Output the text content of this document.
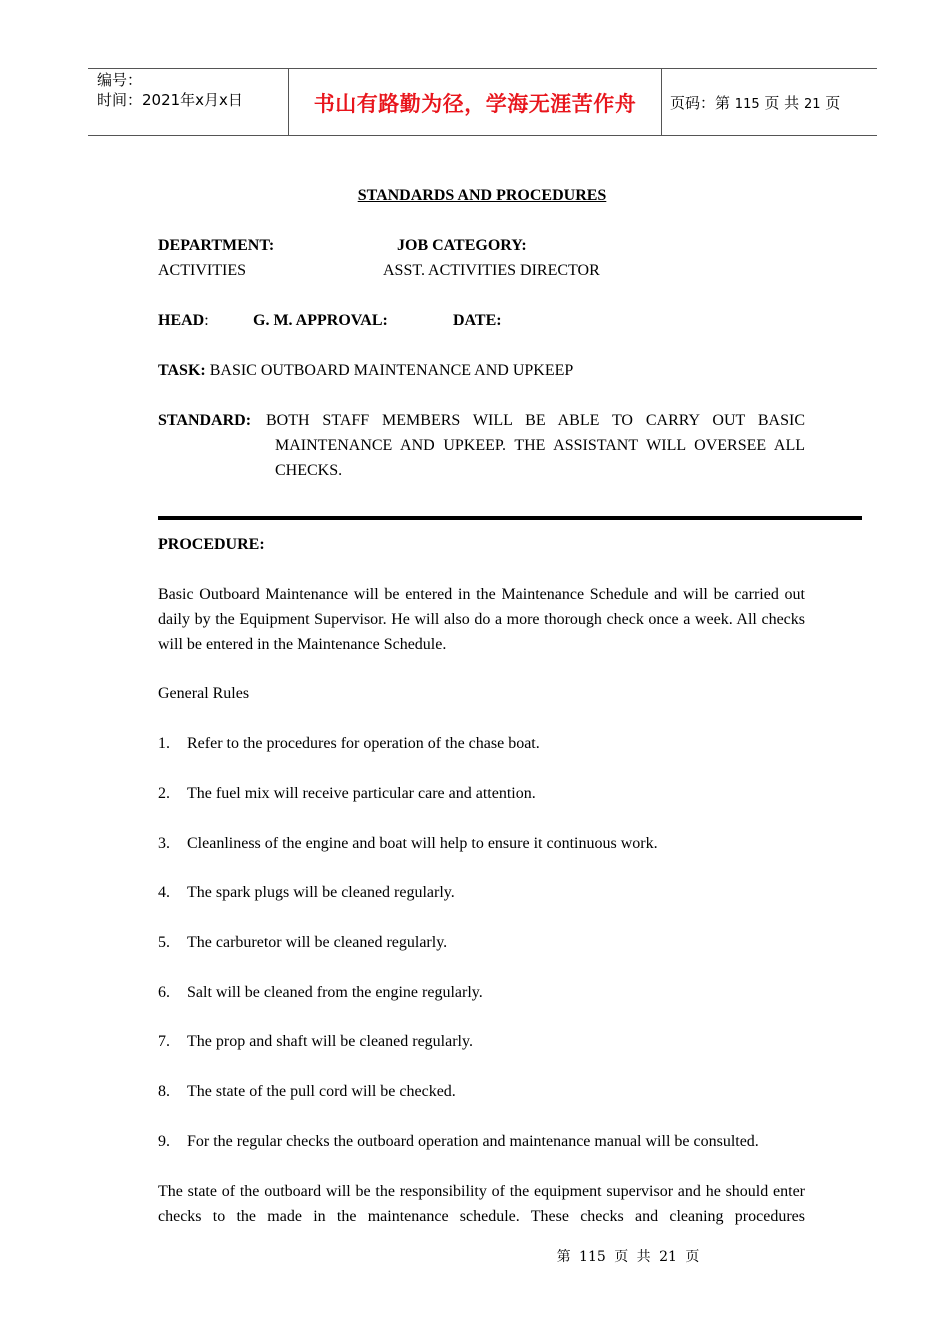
编号：
时间：2021年x月x日	书山有路勤为径，学海无涯苦作舟	页码：第 115 页 共 21 页
STANDARDS AND PROCEDURES
DEPARTMENT:	JOB CATEGORY:
ACTIVITIES	ASST. ACTIVITIES DIRECTOR
HEAD:	G. M. APPROVAL:	DATE:
TASK: BASIC OUTBOARD MAINTENANCE AND UPKEEP
STANDARD: BOTH STAFF MEMBERS WILL BE ABLE TO CARRY OUT BASIC
MAINTENANCE AND UPKEEP. THE ASSISTANT WILL OVERSEE ALL CHECKS.
PROCEDURE:
Basic Outboard Maintenance will be entered in the Maintenance Schedule and will be carried out daily by the Equipment Supervisor. He will also do a more thorough check once a week. All checks will be entered in the Maintenance Schedule.
General Rules
1. Refer to the procedures for operation of the chase boat.
2. The fuel mix will receive particular care and attention.
3. Cleanliness of the engine and boat will help to ensure it continuous work.
4. The spark plugs will be cleaned regularly.
5. The carburetor will be cleaned regularly.
6. Salt will be cleaned from the engine regularly.
7. The prop and shaft will be cleaned regularly.
8. The state of the pull cord will be checked.
9. For the regular checks the outboard operation and maintenance manual will be consulted.
The state of the outboard will be the responsibility of the equipment supervisor and he should enter checks to the made in the maintenance schedule. These checks and cleaning procedures
第 115 页 共 21 页
